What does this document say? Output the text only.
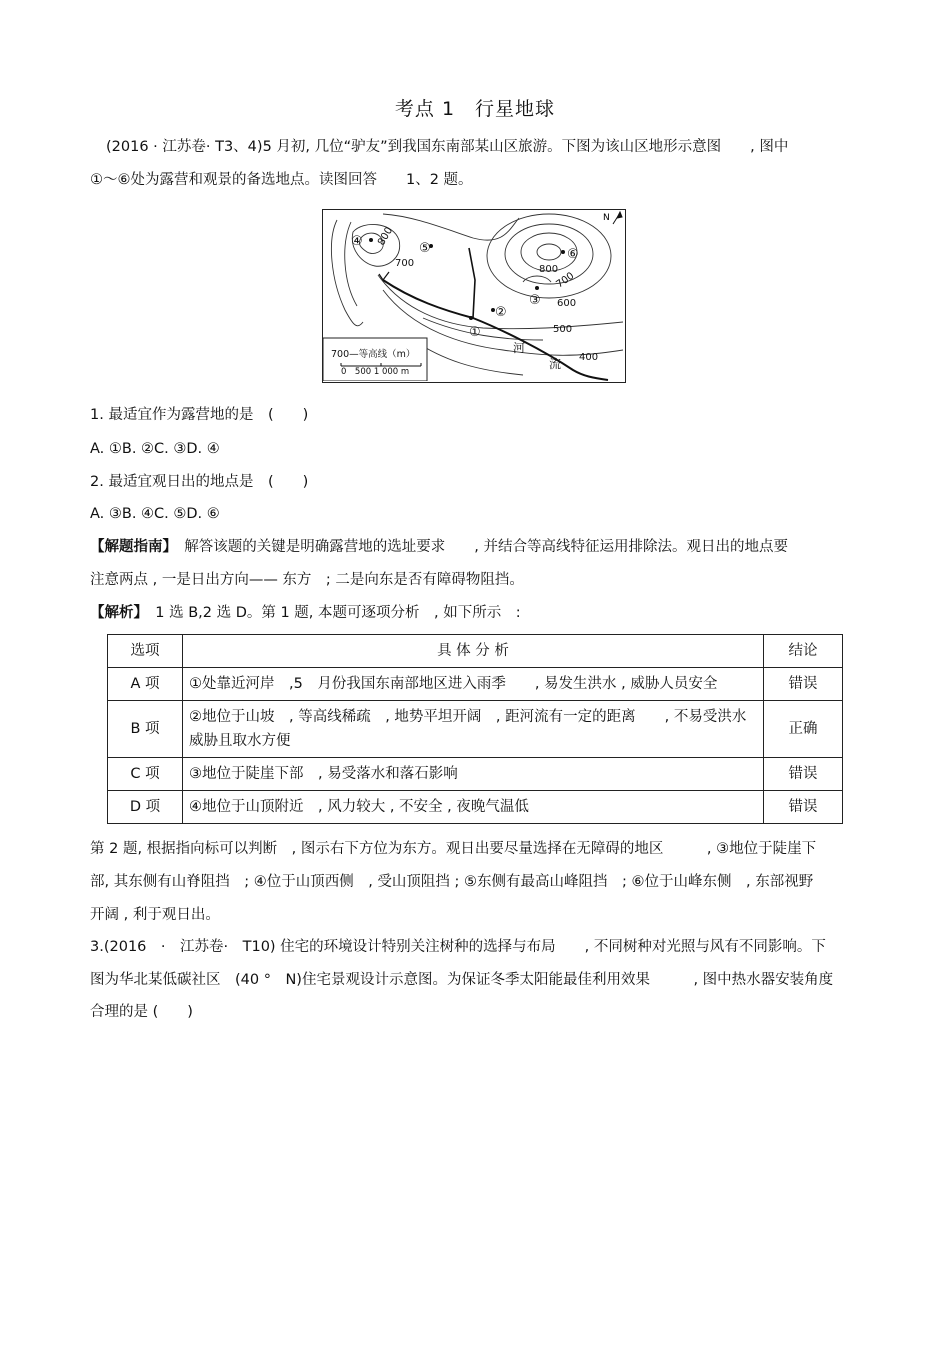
考点 1　行星地球
(2016 · 江苏卷· T3、4)5 月初, 几位“驴友”到我国东南部某山区旅游。下图为该山区地形示意图　　, 图中
①～⑥处为露营和观景的备选地点。读图回答　　1、2 题。
N
800
700
800
700
600
500
400
①
②
③
④	⑤	⑥
河
流
700—等高线（m）
0　500 1 000 m
1. 最适宜作为露营地的是　(　　)
A. ①B. ②C. ③D. ④
2. 最适宜观日出的地点是　(　　)
A. ③B. ④C. ⑤D. ⑥
【解题指南】　解答该题的关键是明确露营地的选址要求　　, 并结合等高线特征运用排除法。观日出的地点要
注意两点 , 一是日出方向—— 东方　; 二是向东是否有障碍物阻挡。
【解析】　1 选 B,2 选 D。第 1 题, 本题可逐项分析　, 如下所示　:
选项	具 体 分 析	结论
A 项	①处靠近河岸　,5　月份我国东南部地区进入雨季　　, 易发生洪水 , 威胁人员安全	错误
B 项	②地位于山坡　, 等高线稀疏　, 地势平坦开阔　, 距河流有一定的距离　　, 不易受洪水威胁且取水方便	正确
C 项	③地位于陡崖下部　, 易受落水和落石影响	错误
D 项	④地位于山顶附近　, 风力较大 , 不安全 , 夜晚气温低	错误
第 2 题, 根据指向标可以判断　, 图示右下方位为东方。观日出要尽量选择在无障碍的地区　　　, ③地位于陡崖下
部, 其东侧有山脊阻挡　; ④位于山顶西侧　, 受山顶阻挡 ; ⑤东侧有最高山峰阻挡　; ⑥位于山峰东侧　, 东部视野
开阔 , 利于观日出。
3.(2016　·　江苏卷·　T10) 住宅的环境设计特别关注树种的选择与布局　　, 不同树种对光照与风有不同影响。下
图为华北某低碳社区　(40 °　N)住宅景观设计示意图。为保证冬季太阳能最佳利用效果　　　, 图中热水器安装角度
合理的是 (　　)
